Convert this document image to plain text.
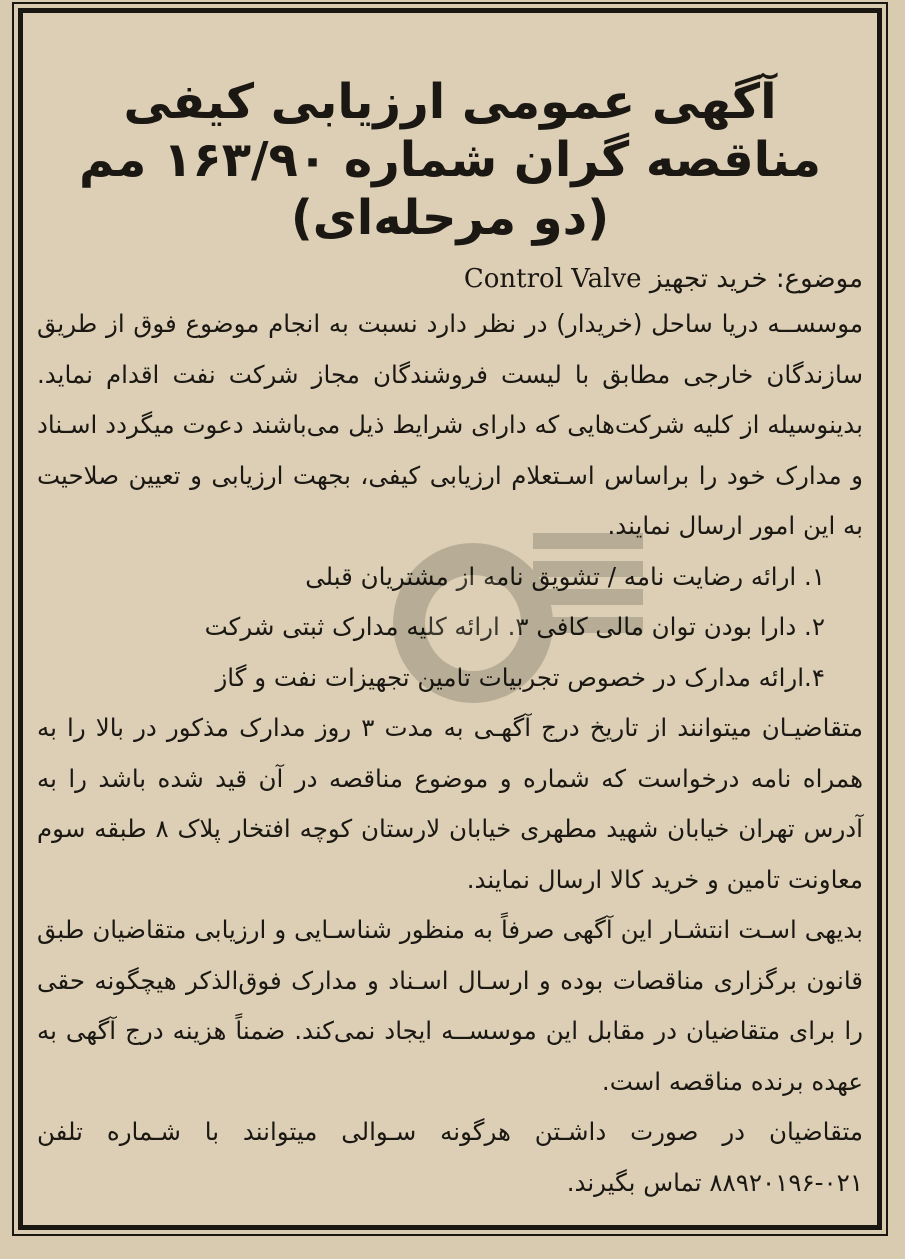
آگهی عمومی ارزیابی کیفی
مناقصه گران شماره ۱۶۳/۹۰ مم
(دو مرحله‌ای)

موضوع: خرید تجهیز Control Valve

موسســه دریا ساحل (خریدار) در نظر دارد نسبت به انجام موضوع فوق از طریق سازندگان خارجی مطابق با لیست فروشندگان مجاز شرکت نفت اقدام نماید. بدینوسیله از کلیه شرکت‌هایی که دارای شرایط ذیل می‌باشند دعوت میگردد اسـناد و مدارک خود را براساس اسـتعلام ارزیابی کیفی، بجهت ارزیابی و تعیین صلاحیت به این امور ارسال نمایند.

۱. ارائه رضایت نامه / تشویق نامه از مشتریان قبلی

۲. دارا بودن توان مالی کافی ۳. ارائه کلیه مدارک ثبتی شرکت

۴.ارائه مدارک در خصوص تجربیات تامین تجهیزات نفت و گاز

متقاضیـان میتوانند از تاریخ درج آگهـی به مدت ۳ روز مدارک مذکور در بالا را به همراه نامه درخواست که شماره و موضوع مناقصه در آن قید شده باشد را به آدرس تهران خیابان شهید مطهری خیابان لارستان کوچه افتخار پلاک ۸ طبقه سوم معاونت تامین و خرید کالا ارسال نمایند.

بدیهی اسـت انتشـار این آگهی صرفاً به منظور شناسـایی و ارزیابی متقاضیان طبق قانون برگزاری مناقصات بوده و ارسـال اسـناد و مدارک فوق‌الذکر هیچگونه حقی را برای متقاضیان در مقابل این موسســه ایجاد نمی‌کند. ضمناً هزینه درج آگهی به عهده برنده مناقصه است.

متقاضیان در صورت داشـتن هرگونه سـوالی میتوانند با شـماره تلفن ۰۲۱-۸۸۹۲۰۱۹۶ تماس بگیرند.
